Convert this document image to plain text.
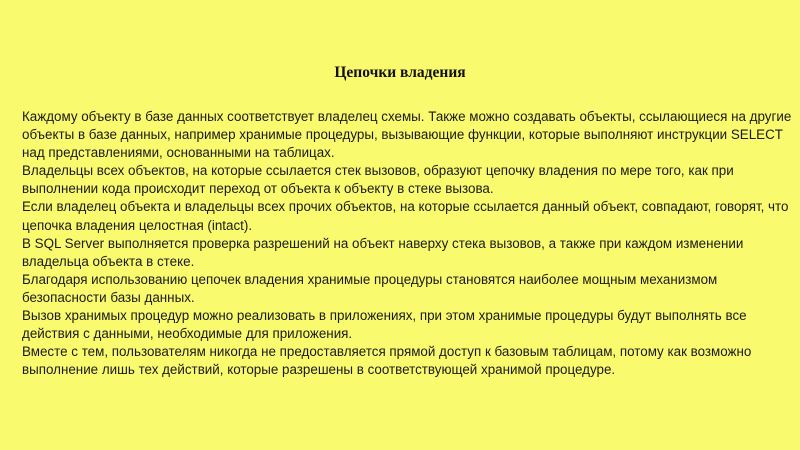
Цепочки владения

Каждому объекту в базе данных соответствует владелец схемы. Также можно создавать объекты, ссылающиеся на другие объекты в базе данных, например хранимые процедуры, вызывающие функции, которые выполняют инструкции SELECT над представлениями, основанными на таблицах.

Владельцы всех объектов, на которые ссылается стек вызовов, образуют цепочку владения по мере того, как при выполнении кода происходит переход от объекта к объекту в стеке вызова.

Если владелец объекта и владельцы всех прочих объектов, на которые ссылается данный объект, совпадают, говорят, что цепочка владения целостная (intact).

В SQL Server выполняется проверка разрешений на объект наверху стека вызовов, а также при каждом изменении владельца объекта в стеке.

Благодаря использованию цепочек владения хранимые процедуры становятся наиболее мощным механизмом безопасности базы данных.

Вызов хранимых процедур можно реализовать в приложениях, при этом хранимые процедуры будут выполнять все действия с данными, необходимые для приложения.

Вместе с тем, пользователям никогда не предоставляется прямой доступ к базовым таблицам, потому как возможно выполнение лишь тех действий, которые разрешены в соответствующей хранимой процедуре.
